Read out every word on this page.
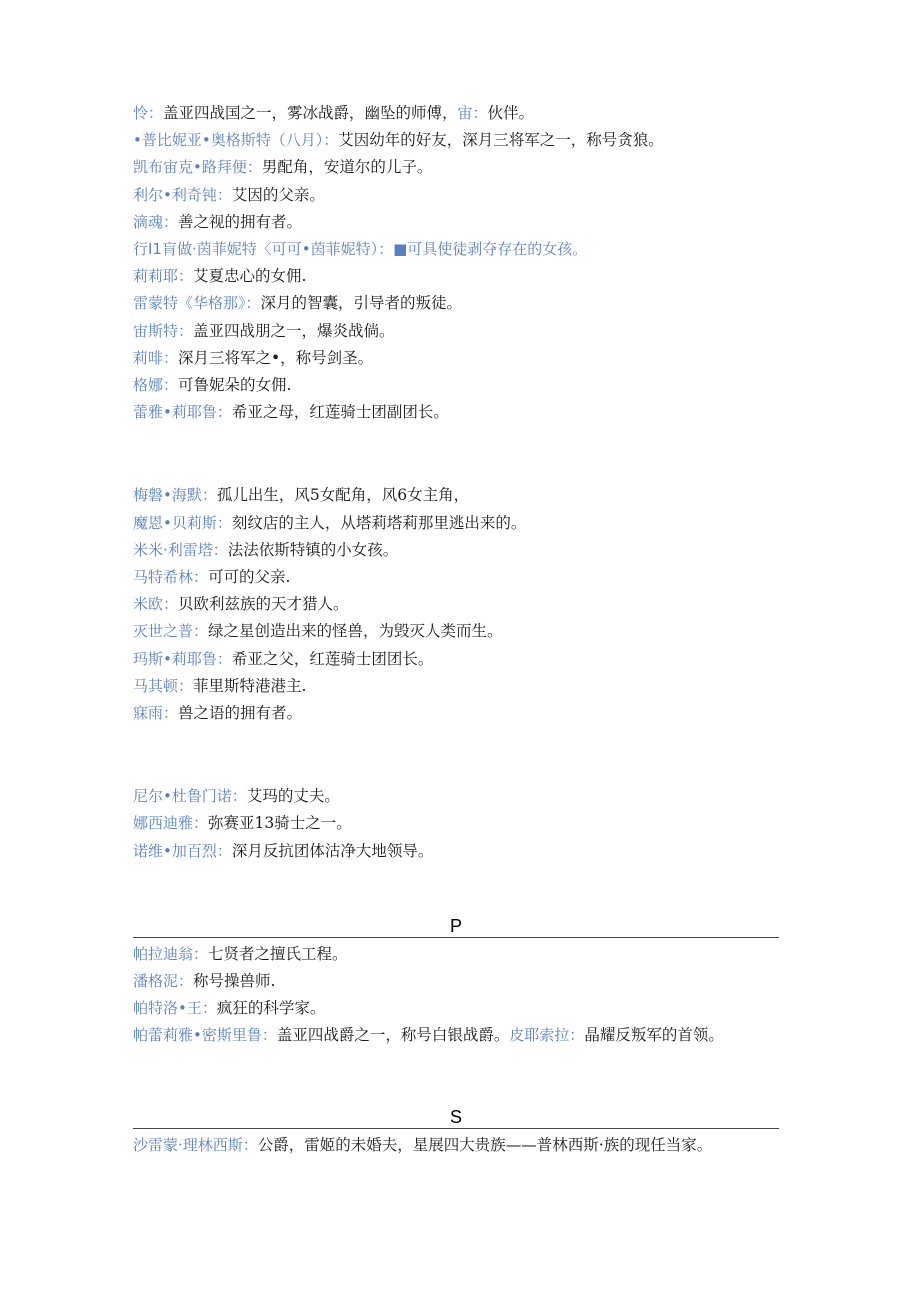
怜：盖亚四战国之一，雾冰战爵，幽坠的师傅，宙：伙伴。
•普比妮亚•奥格斯特（八月）：艾因幼年的好友，深月三将军之一，称号贪狼。
凯布宙克•路拜便：男配角，安道尔的儿子。
利尔•利奇钝：艾因的父亲。
滴魂：善之视的拥有者。
行I1肓做·茵菲妮特〈可可•茵菲妮特）：■可具使徒剥夺存在的女孩。
莉莉耶：艾夏忠心的女佣.
雷蒙特《华格那》：深月的智囊，引导者的叛徒。
宙斯特：盖亚四战朋之一，爆炎战倘。
莉啡：深月三将军之•，称号剑圣。
格娜：可鲁妮朵的女佣.
蕾雅•莉耶鲁：希亚之母，红莲骑士团副团长。
梅磐•海默：孤儿出生，风5女配角，风6女主角，
魔恩•贝莉斯：刻纹店的主人，从塔莉塔莉那里逃出来的。
米米·利雷塔：法法依斯特镇的小女孩。
马特希林：可可的父亲.
米欧：贝欧利兹族的天才猎人。
灭世之普：绿之星创造出来的怪兽，为毁灭人类而生。
玛斯•莉耶鲁：希亚之父，红莲骑士团团长。
马其顿：菲里斯特港港主.
寐雨：兽之语的拥有者。
尼尔•杜鲁门诺：艾玛的丈夫。
娜西迪雅：弥赛亚13骑士之一。
诺维•加百烈：深月反抗团体沽净大地领导。
P
帕拉迪翁：七贤者之擅氏工程。
潘格泥：称号操兽师.
帕特洛•王：疯狂的科学家。
帕蕾莉雅•密斯里鲁：盖亚四战爵之一，称号白银战爵。皮耶索拉：晶耀反叛军的首领。
S
沙雷蒙·理林西斯：公爵，雷姬的未婚夫，星展四大贵族——普林西斯·族的现任当家。
